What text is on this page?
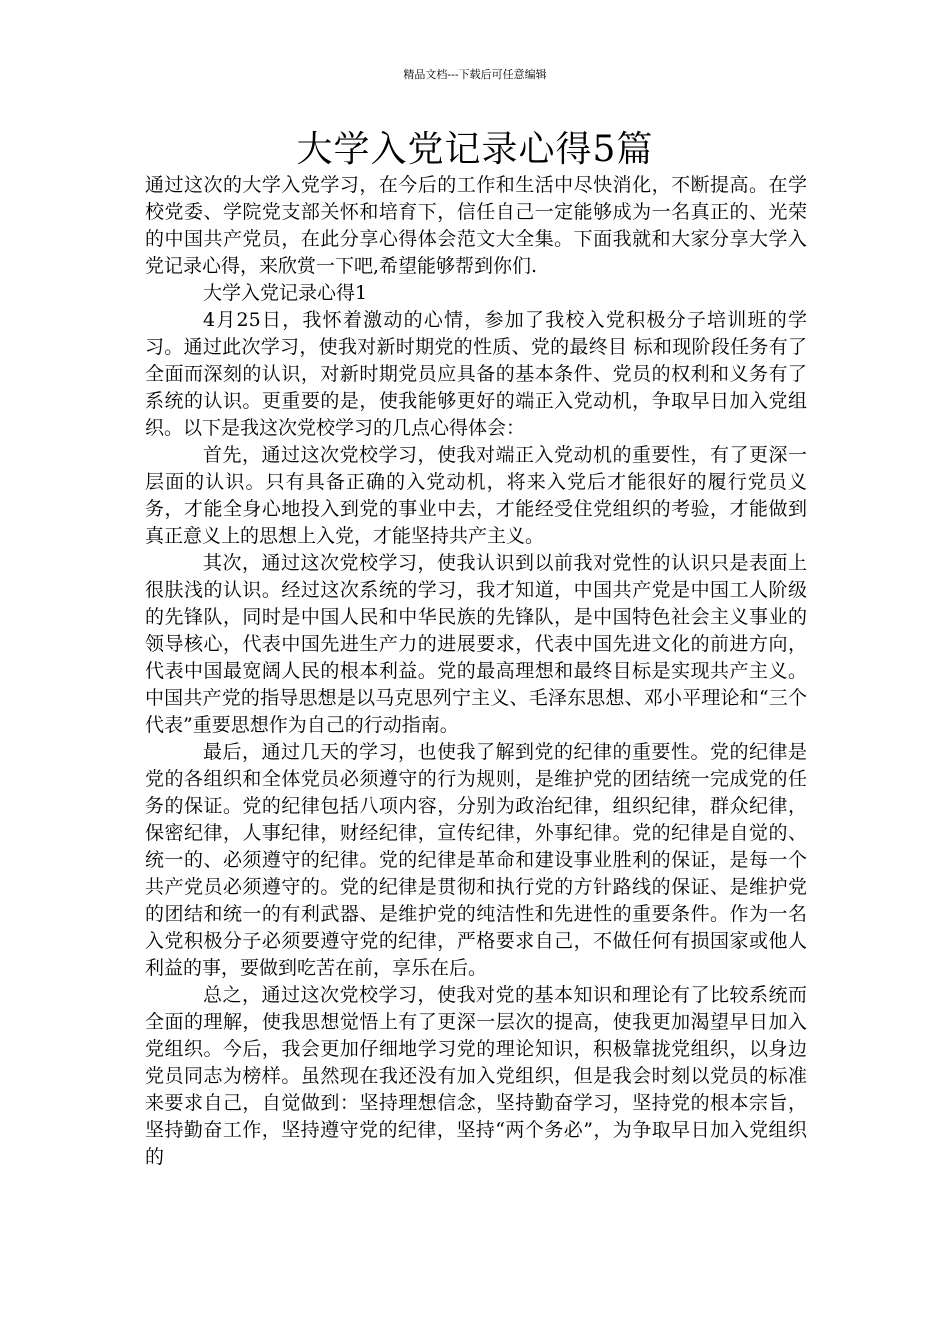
精品文档---下载后可任意编辑
大学入党记录心得5篇

通过这次的大学入党学习，在今后的工作和生活中尽快消化，不断提高。在学校党委、学院党支部关怀和培育下，信任自己一定能够成为一名真正的、光荣的中国共产党员，在此分享心得体会范文大全集。下面我就和大家分享大学入党记录心得，来欣赏一下吧,希望能够帮到你们.

大学入党记录心得1

4月25日，我怀着激动的心情，参加了我校入党积极分子培训班的学习。通过此次学习，使我对新时期党的性质、党的最终目 标和现阶段任务有了全面而深刻的认识，对新时期党员应具备的基本条件、党员的权利和义务有了系统的认识。更重要的是，使我能够更好的端正入党动机，争取早日加入党组织。以下是我这次党校学习的几点心得体会：

首先，通过这次党校学习，使我对端正入党动机的重要性，有了更深一层面的认识。只有具备正确的入党动机，将来入党后才能很好的履行党员义务，才能全身心地投入到党的事业中去，才能经受住党组织的考验，才能做到真正意义上的思想上入党，才能坚持共产主义。

其次，通过这次党校学习，使我认识到以前我对党性的认识只是表面上很肤浅的认识。经过这次系统的学习，我才知道，中国共产党是中国工人阶级的先锋队，同时是中国人民和中华民族的先锋队，是中国特色社会主义事业的领导核心，代表中国先进生产力的进展要求，代表中国先进文化的前进方向，代表中国最宽阔人民的根本利益。党的最高理想和最终目标是实现共产主义。中国共产党的指导思想是以马克思列宁主义、毛泽东思想、邓小平理论和“三个代表”重要思想作为自己的行动指南。

最后，通过几天的学习，也使我了解到党的纪律的重要性。党的纪律是党的各组织和全体党员必须遵守的行为规则，是维护党的团结统一完成党的任务的保证。党的纪律包括八项内容，分别为政治纪律，组织纪律，群众纪律，保密纪律，人事纪律，财经纪律，宣传纪律，外事纪律。党的纪律是自觉的、统一的、必须遵守的纪律。党的纪律是革命和建设事业胜利的保证，是每一个共产党员必须遵守的。党的纪律是贯彻和执行党的方针路线的保证、是维护党的团结和统一的有利武器、是维护党的纯洁性和先进性的重要条件。作为一名入党积极分子必须要遵守党的纪律，严格要求自己，不做任何有损国家或他人利益的事，要做到吃苦在前，享乐在后。

总之，通过这次党校学习，使我对党的基本知识和理论有了比较系统而全面的理解，使我思想觉悟上有了更深一层次的提高，使我更加渴望早日加入党组织。今后，我会更加仔细地学习党的理论知识，积极靠拢党组织，以身边党员同志为榜样。虽然现在我还没有加入党组织，但是我会时刻以党员的标准来要求自己，自觉做到：坚持理想信念，坚持勤奋学习，坚持党的根本宗旨，坚持勤奋工作，坚持遵守党的纪律，坚持“两个务必”，为争取早日加入党组织的
